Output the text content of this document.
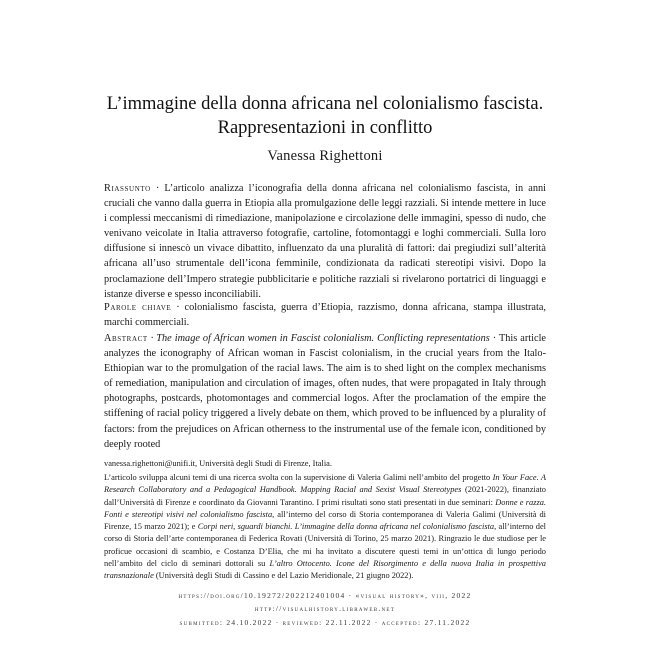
L’immagine della donna africana nel colonialismo fascista.
Rappresentazioni in conflitto
Vanessa Righettoni
Riassunto · L’articolo analizza l’iconografia della donna africana nel colonialismo fascista, in anni cruciali che vanno dalla guerra in Etiopia alla promulgazione delle leggi razziali. Si intende mettere in luce i complessi meccanismi di rimediazione, manipolazione e circolazione delle immagini, spesso di nudo, che venivano veicolate in Italia attraverso fotografie, cartoline, fotomontaggi e loghi commerciali. Sulla loro diffusione si innescò un vivace dibattito, influenzato da una pluralità di fattori: dai pregiudizi sull’alterità africana all’uso strumentale dell’icona femminile, condizionata da radicati stereotipi visivi. Dopo la proclamazione dell’Impero strategie pubblicitarie e politiche razziali si rivelarono portatrici di linguaggi e istanze diverse e spesso inconciliabili.
Parole chiave · colonialismo fascista, guerra d’Etiopia, razzismo, donna africana, stampa illustrata, marchi commerciali.
Abstract · The image of African women in Fascist colonialism. Conflicting representations · This article analyzes the iconography of African woman in Fascist colonialism, in the crucial years from the Italo-Ethiopian war to the promulgation of the racial laws. The aim is to shed light on the complex mechanisms of remediation, manipulation and circulation of images, often nudes, that were propagated in Italy through photographs, postcards, photomontages and commercial logos. After the proclamation of the empire the stiffening of racial policy triggered a lively debate on them, which proved to be influenced by a plurality of factors: from the prejudices on African otherness to the instrumental use of the female icon, conditioned by deeply rooted
vanessa.righettoni@unifi.it, Università degli Studi di Firenze, Italia.
L’articolo sviluppa alcuni temi di una ricerca svolta con la supervisione di Valeria Galimi nell’ambito del progetto In Your Face. A Research Collaboratory and a Pedagogical Handbook. Mapping Racial and Sexist Visual Stereotypes (2021-2022), finanziato dall’Università di Firenze e coordinato da Giovanni Tarantino. I primi risultati sono stati presentati in due seminari: Donne e razza. Fonti e stereotipi visivi nel colonialismo fascista, all’interno del corso di Storia contemporanea di Valeria Galimi (Università di Firenze, 15 marzo 2021); e Corpi neri, sguardi bianchi. L’immagine della donna africana nel colonialismo fascista, all’interno del corso di Storia dell’arte contemporanea di Federica Rovati (Università di Torino, 25 marzo 2021). Ringrazio le due studiose per le proficue occasioni di scambio, e Costanza D’Elia, che mi ha invitato a discutere questi temi in un’ottica di lungo periodo nell’ambito del ciclo di seminari dottorali su L’altro Ottocento. Icone del Risorgimento e della nuova Italia in prospettiva transnazionale (Università degli Studi di Cassino e del Lazio Meridionale, 21 giugno 2022).
https://doi.org/10.19272/202212401004 · «visual history», viii, 2022
http://visualhistory.libraweb.net
submitted: 24.10.2022 · reviewed: 22.11.2022 · accepted: 27.11.2022
